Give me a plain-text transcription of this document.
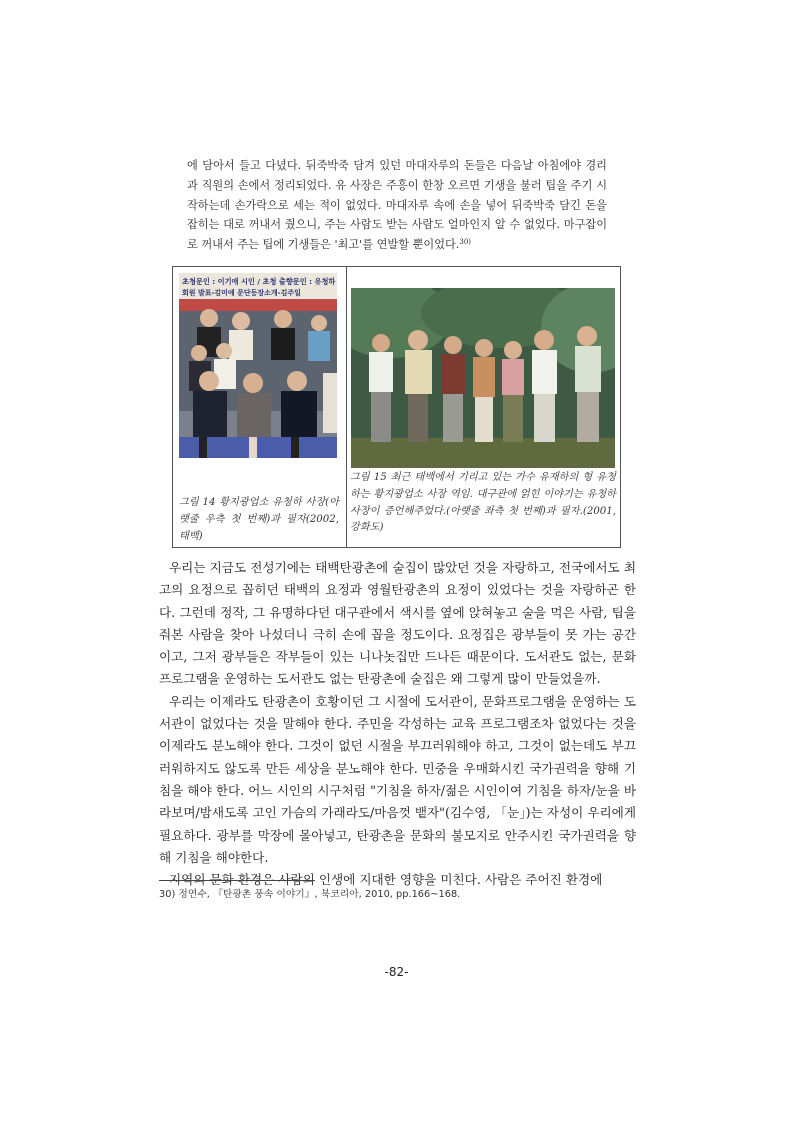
에 담아서 들고 다녔다. 뒤죽박죽 담겨 있던 마대자루의 돈들은 다음날 아침에야 경리과 직원의 손에서 정리되었다. 유 사장은 주흥이 한창 오르면 기생을 불러 팁을 주기 시작하는데 손가락으로 세는 적이 없었다. 마대자루 속에 손을 넣어 뒤죽박죽 담긴 돈을 잡히는 대로 꺼내서 줬으니, 주는 사람도 받는 사람도 얼마인지 알 수 없었다. 마구잡이로 꺼내서 주는 팁에 기생들은 '최고'를 연발할 뿐이었다.$^{30)}$

초청문인 : 이기애 시인 / 초청 출향문인 : 유청하
회원 발표-김미애 문단등장소개-김주일
그림 14 황지광업소 유청하 사장(아랫줄 우측 첫 번째)과 필자(2002, 태백)
그림 15 최근 태백에서 기리고 있는 가수 유재하의 형 유청하는 황지광업소 사장 역임. 대구관에 얽힌 이야기는 유청하 사장이 증언해주었다.(아랫줄 좌측 첫 번째)과 필자.(2001, 강화도)

우리는 지금도 전성기에는 태백탄광촌에 술집이 많았던 것을 자랑하고, 전국에서도 최고의 요정으로 꼽히던 태백의 요정과 영월탄광촌의 요정이 있었다는 것을 자랑하곤 한다. 그런데 정작, 그 유명하다던 대구관에서 색시를 옆에 앉혀놓고 술을 먹은 사람, 팁을 줘본 사람을 찾아 나섰더니 극히 손에 꼽을 정도이다. 요정집은 광부들이 못 가는 공간이고, 그저 광부들은 작부들이 있는 니나놋집만 드나든 때문이다. 도서관도 없는, 문화프로그램을 운영하는 도서관도 없는 탄광촌에 술집은 왜 그렇게 많이 만들었을까.

우리는 이제라도 탄광촌이 호황이던 그 시절에 도서관이, 문화프로그램을 운영하는 도서관이 없었다는 것을 말해야 한다. 주민을 각성하는 교육 프로그램조차 없었다는 것을 이제라도 분노해야 한다. 그것이 없던 시절을 부끄러워해야 하고, 그것이 없는데도 부끄러워하지도 않도록 만든 세상을 분노해야 한다. 민중을 우매화시킨 국가권력을 향해 기침을 해야 한다. 어느 시인의 시구처럼 "기침을 하자/젊은 시인이여 기침을 하자/눈을 바라보며/밤새도록 고인 가슴의 가래라도/마음껏 뱉자"(김수영, 「눈」)는 자성이 우리에게 필요하다. 광부를 막장에 몰아넣고, 탄광촌을 문화의 불모지로 안주시킨 국가권력을 향해 기침을 해야한다.

지역의 문화 환경은 사람의 인생에 지대한 영향을 미친다. 사람은 주어진 환경에

30) 정연수, 『탄광촌 풍속 이야기』, 북코리아, 2010, pp.166~168.
-82-
